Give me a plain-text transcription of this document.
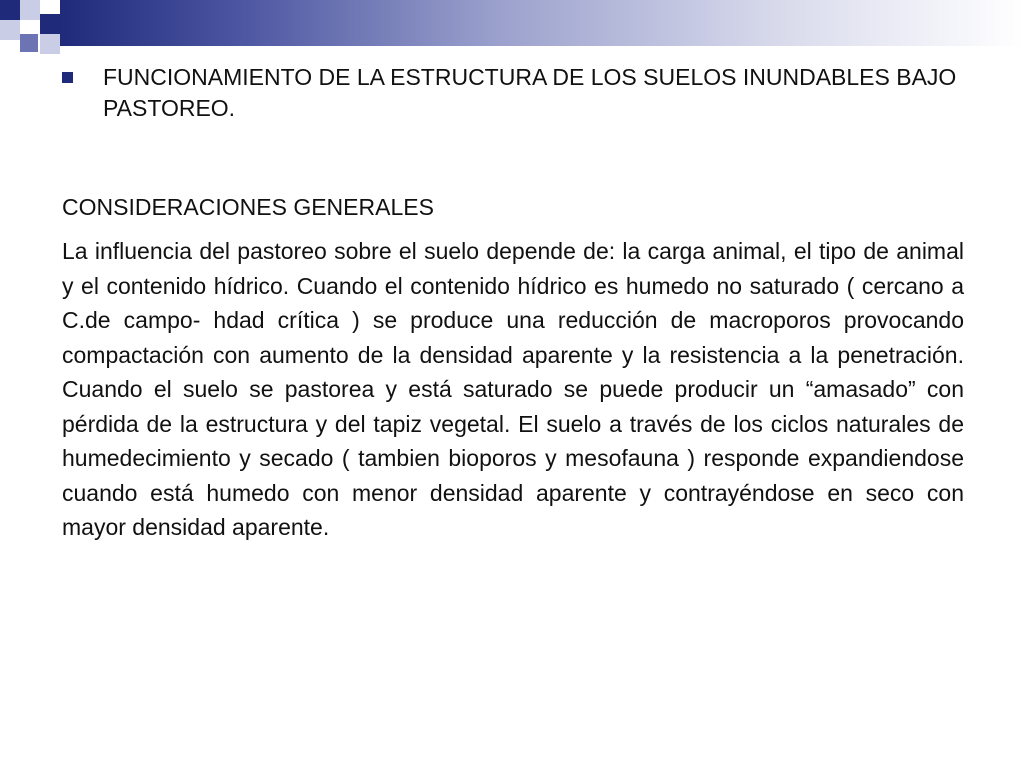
FUNCIONAMIENTO DE LA ESTRUCTURA DE LOS SUELOS INUNDABLES BAJO PASTOREO.
CONSIDERACIONES GENERALES

La influencia del pastoreo sobre el suelo depende de: la carga animal, el tipo de animal y el contenido hídrico. Cuando el contenido hídrico es humedo no saturado ( cercano a C.de campo- hdad crítica ) se produce una reducción de macroporos provocando compactación con aumento de la densidad aparente y la resistencia a la penetración. Cuando el suelo se pastorea y está saturado se puede producir un “amasado” con pérdida de la estructura y del tapiz vegetal. El suelo a través de los ciclos naturales de humedecimiento y secado ( tambien bioporos y mesofauna ) responde expandiendose cuando está humedo con menor densidad aparente y contrayéndose en seco con mayor densidad aparente.
